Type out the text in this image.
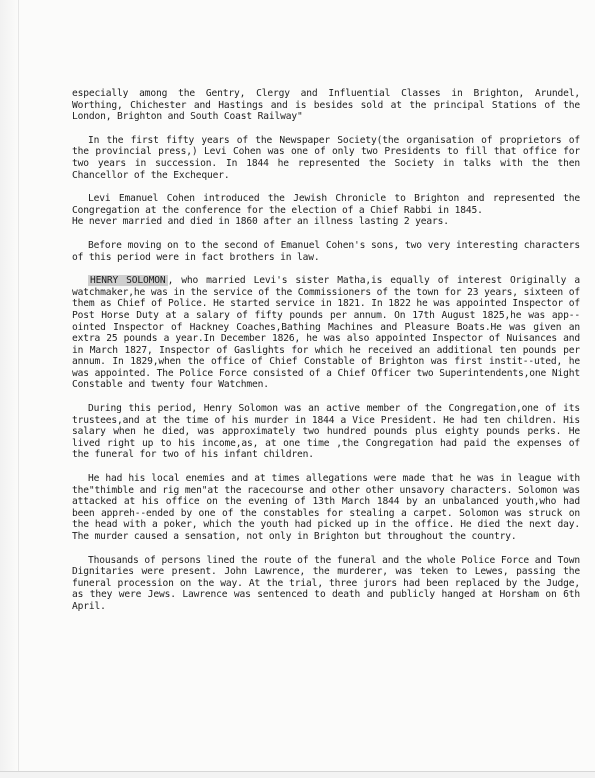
especially among the Gentry, Clergy and Influential Classes in Brighton, Arundel, Worthing, Chichester and Hastings and is besides sold at the principal Stations of the London, Brighton and South Coast Railway"

In the first fifty years of the Newspaper Society(the organisation of proprietors of the provincial press,) Levi Cohen was one of only two Presidents to fill that office for two years in succession. In 1844 he represented the Society in talks with the then Chancellor of the Exchequer.

Levi Emanuel Cohen introduced the Jewish Chronicle to Brighton and represented the Congregation at the conference for the election of a Chief Rabbi in 1845.

He never married and died in 1860 after an illness lasting 2 years.

Before moving on to the second of Emanuel Cohen's sons, two very interesting characters of this period were in fact brothers in law.

HENRY SOLOMON , who married Levi's sister Matha,is equally of interest Originally a watchmaker,he was in the service of the Commissioners of the town for 23 years, sixteen of them as Chief of Police. He started service in 1821. In 1822 he was appointed Inspector of Post Horse Duty at a salary of fifty pounds per annum. On 17th August 1825,he was app--ointed Inspector of Hackney Coaches,Bathing Machines and Pleasure Boats.He was given an extra 25 pounds a year.In December 1826, he was also appointed Inspector of Nuisances and in March 1827, Inspector of Gaslights for which he received an additional ten pounds per annum. In 1829,when the office of Chief Constable of Brighton was first instit--uted, he was appointed. The Police Force consisted of a Chief Officer two Superintendents,one Night Constable and twenty four Watchmen.

During this period, Henry Solomon was an active member of the Congregation,one of its trustees,and at the time of his murder in 1844 a Vice President. He had ten children. His salary when he died, was approximately two hundred pounds plus eighty pounds perks. He lived right up to his income,as, at one time ,the Congregation had paid the expenses of the funeral for two of his infant children.

He had his local enemies and at times allegations were made that he was in league with the"thimble and rig men"at the racecourse and other other unsavory characters. Solomon was attacked at his office on the evening of 13th March 1844 by an unbalanced youth,who had been appreh--ended by one of the constables for stealing a carpet. Solomon was struck on the head with a poker, which the youth had picked up in the office. He died the next day. The murder caused a sensation, not only in Brighton but throughout the country.

Thousands of persons lined the route of the funeral and the whole Police Force and Town Dignitaries were present. John Lawrence, the murderer, was teken to Lewes, passing the funeral procession on the way. At the trial, three jurors had been replaced by the Judge, as they were Jews. Lawrence was sentenced to death and publicly hanged at Horsham on 6th April.
